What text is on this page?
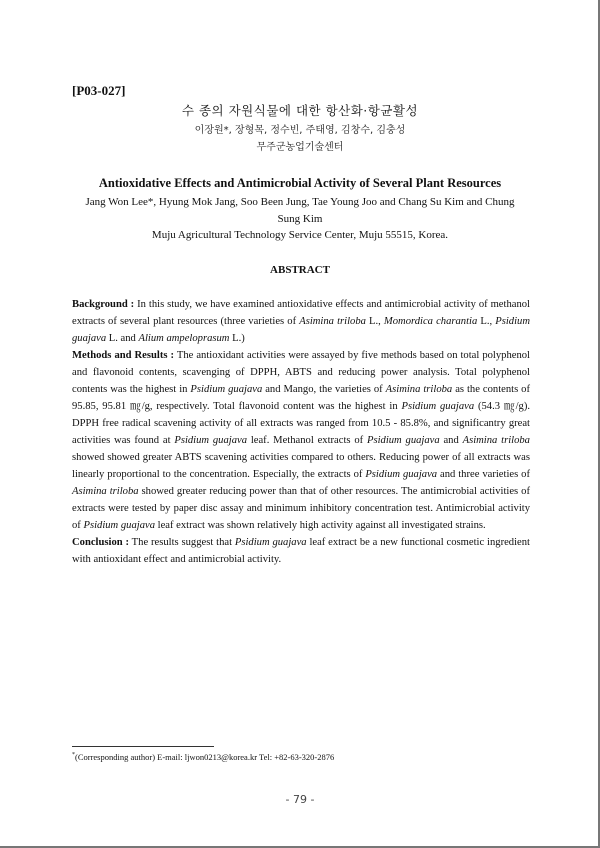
[P03-027]
수 종의 자원식물에 대한 항산화·항균활성
이장원*, 장형목, 정수빈, 주태영, 김창수, 김충성
무주군농업기술센터
Antioxidative Effects and Antimicrobial Activity of Several Plant Resources
Jang Won Lee*, Hyung Mok Jang, Soo Been Jung, Tae Young Joo and Chang Su Kim and Chung Sung Kim
Muju Agricultural Technology Service Center, Muju 55515, Korea.
ABSTRACT

Background : In this study, we have examined antioxidative effects and antimicrobial activity of methanol extracts of several plant resources (three varieties of Asimina triloba L., Momordica charantia L., Psidium guajava L. and Alium ampeloprasum L.)

Methods and Results : The antioxidant activities were assayed by five methods based on total polyphenol and flavonoid contents, scavenging of DPPH, ABTS and reducing power analysis. Total polyphenol contents was the highest in Psidium guajava and Mango, the varieties of Asimina triloba as the contents of 95.85, 95.81 ㎎/g, respectively. Total flavonoid content was the highest in Psidium guajava (54.3 ㎎/g). DPPH free radical scavening activity of all extracts was ranged from 10.5 - 85.8%, and significantry great activities was found at Psidium guajava leaf. Methanol extracts of Psidium guajava and Asimina triloba showed showed greater ABTS scavening activities compared to others. Reducing power of all extracts was linearly proportional to the concentration. Especially, the extracts of Psidium guajava and three varieties of Asimina triloba showed greater reducing power than that of other resources. The antimicrobial activities of extracts were tested by paper disc assay and minimum inhibitory concentration test. Antimicrobial activity of Psidium guajava leaf extract was shown relatively high activity against all investigated strains.

Conclusion : The results suggest that Psidium guajava leaf extract be a new functional cosmetic ingredient with antioxidant effect and antimicrobial activity.

*(Corresponding author) E-mail: ljwon0213@korea.kr Tel: +82-63-320-2876
- 79 -
